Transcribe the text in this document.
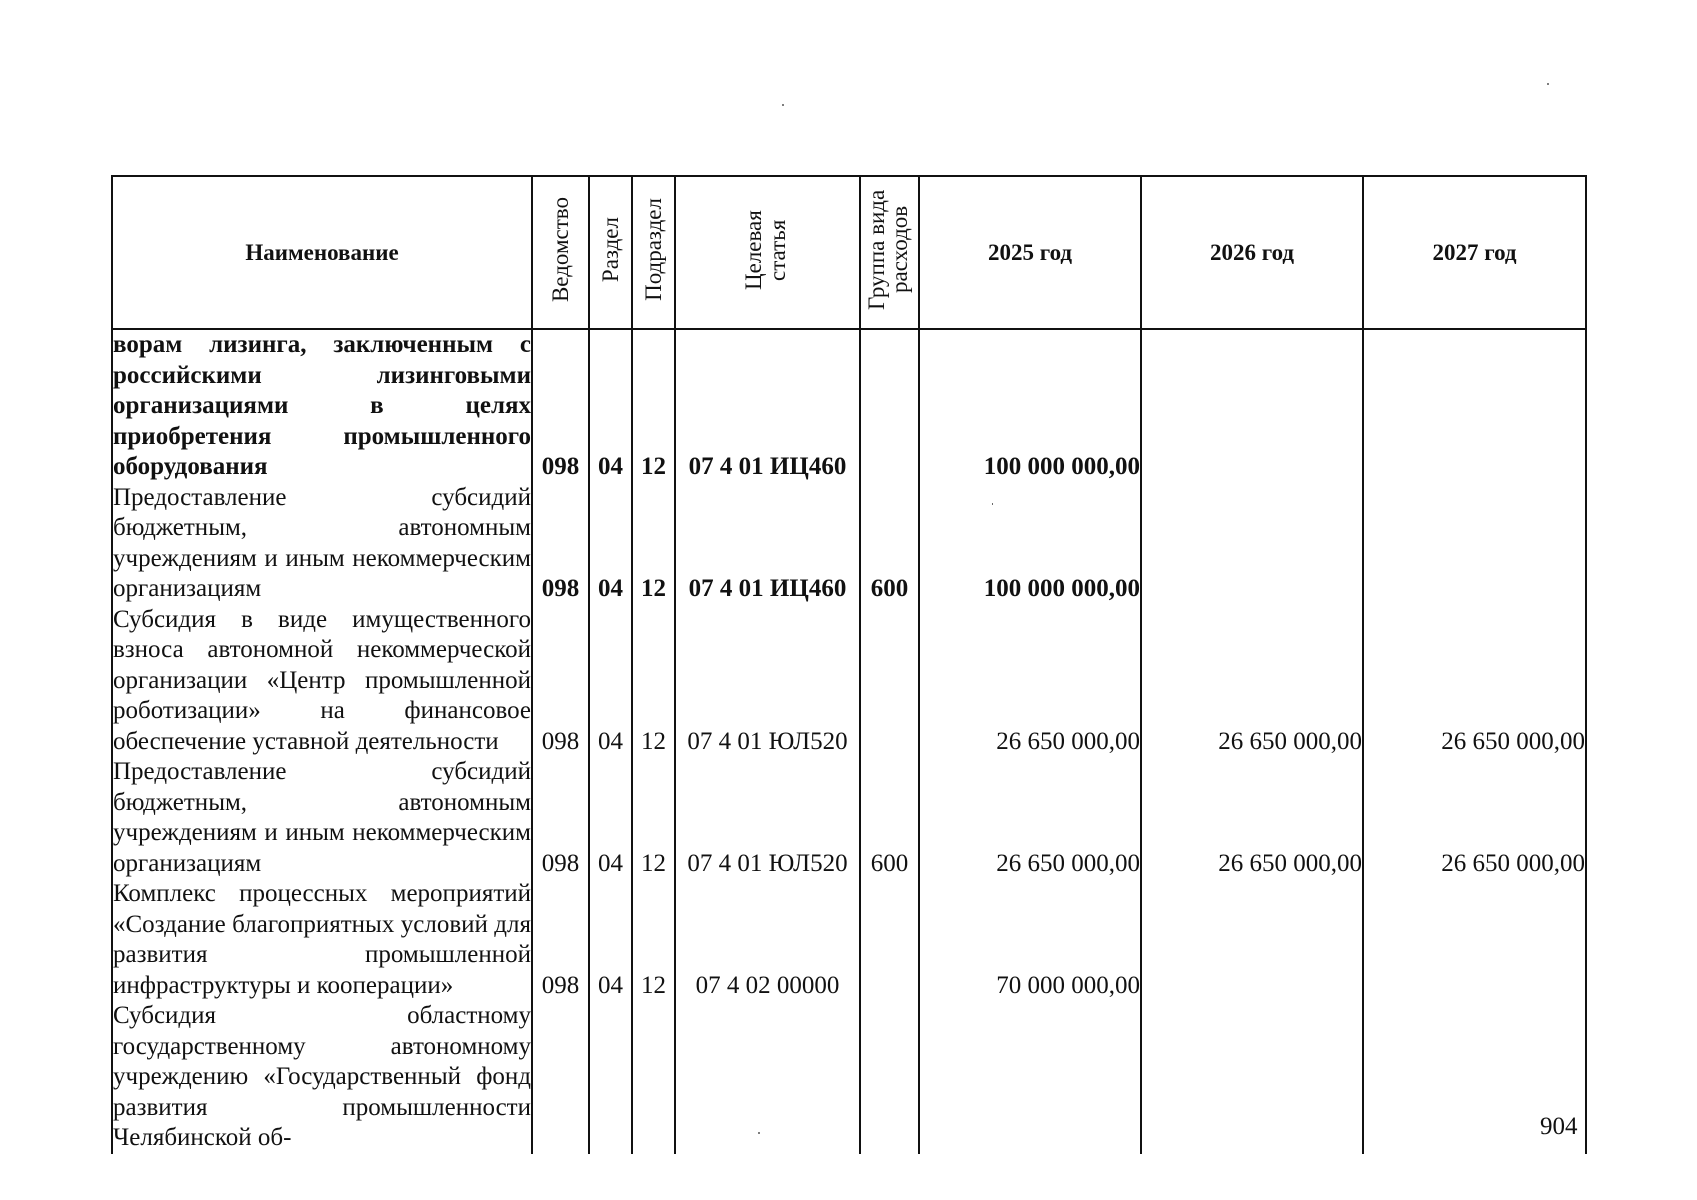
Наименование	Ведомство	Раздел	Подраздел	Целевая статья	Группа вида расходов	2025 год	2026 год	2027 год
ворам лизинга, заключенным с российскими лизинговыми организациями в целях приобретения промышленного оборудования	098	04	12	07 4 01 ИЦ460		100 000 000,00		
Предоставление субсидий бюджетным, автономным учреждениям и иным некоммерческим организациям	098	04	12	07 4 01 ИЦ460	600	100 000 000,00		
Субсидия в виде имущественного взноса автономной некоммерческой организации «Центр промышленной роботизации» на финансовое обеспечение уставной деятельности	098	04	12	07 4 01 ЮЛ520		26 650 000,00	26 650 000,00	26 650 000,00
Предоставление субсидий бюджетным, автономным учреждениям и иным некоммерческим организациям	098	04	12	07 4 01 ЮЛ520	600	26 650 000,00	26 650 000,00	26 650 000,00
Комплекс процессных мероприятий «Создание благоприятных условий для развития промышленной инфраструктуры и кооперации»	098	04	12	07 4 02 00000		70 000 000,00		
Субсидия областному государственному автономному учреждению «Государственный фонд развития промышленности Челябинской об-									904
